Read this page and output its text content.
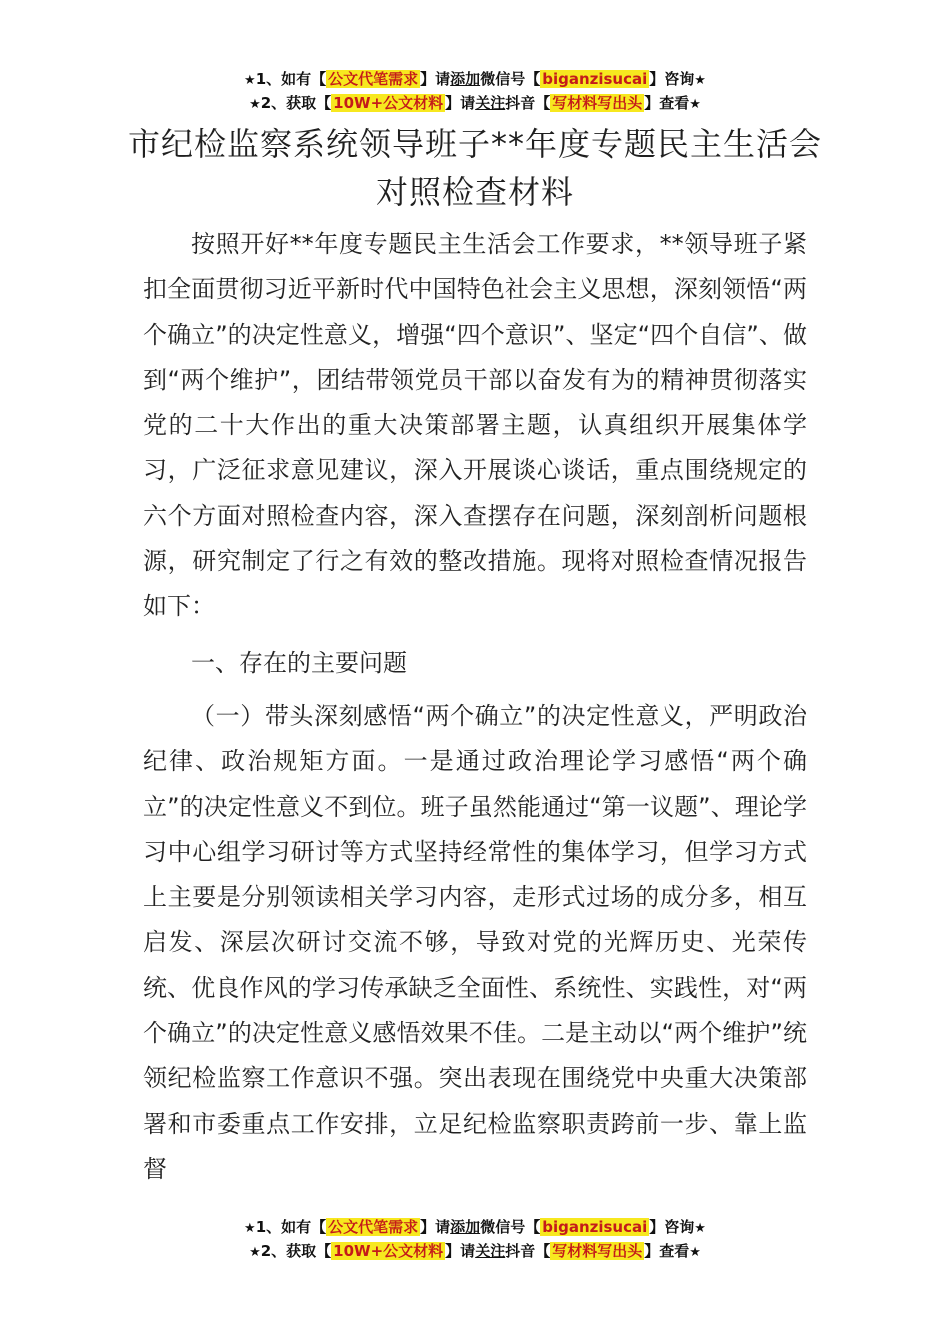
★1、如有【 公文代笔需求 】请添加微信号【 biganzisucai 】咨询★
★2、获取【 10W+公文材料 】请关注抖音【 写材料写出头 】查看★
市纪检监察系统领导班子**年度专题民主生活会对照检查材料

按照开好**年度专题民主生活会工作要求，**领导班子紧扣全面贯彻习近平新时代中国特色社会主义思想，深刻领悟“两个确立”的决定性意义，增强“四个意识”、坚定“四个自信”、做到“两个维护”，团结带领党员干部以奋发有为的精神贯彻落实党的二十大作出的重大决策部署主题，认真组织开展集体学习，广泛征求意见建议，深入开展谈心谈话，重点围绕规定的六个方面对照检查内容，深入查摆存在问题，深刻剖析问题根源，研究制定了行之有效的整改措施。现将对照检查情况报告如下：

一、存在的主要问题

（一）带头深刻感悟“两个确立”的决定性意义，严明政治纪律、政治规矩方面。一是通过政治理论学习感悟“两个确立”的决定性意义不到位。班子虽然能通过“第一议题”、理论学习中心组学习研讨等方式坚持经常性的集体学习，但学习方式上主要是分别领读相关学习内容，走形式过场的成分多，相互启发、深层次研讨交流不够，导致对党的光辉历史、光荣传统、优良作风的学习传承缺乏全面性、系统性、实践性，对“两个确立”的决定性意义感悟效果不佳。二是主动以“两个维护”统领纪检监察工作意识不强。突出表现在围绕党中央重大决策部署和市委重点工作安排，立足纪检监察职责跨前一步、靠上监督

★1、如有【 公文代笔需求 】请添加微信号【 biganzisucai 】咨询★
★2、获取【 10W+公文材料 】请关注抖音【 写材料写出头 】查看★
